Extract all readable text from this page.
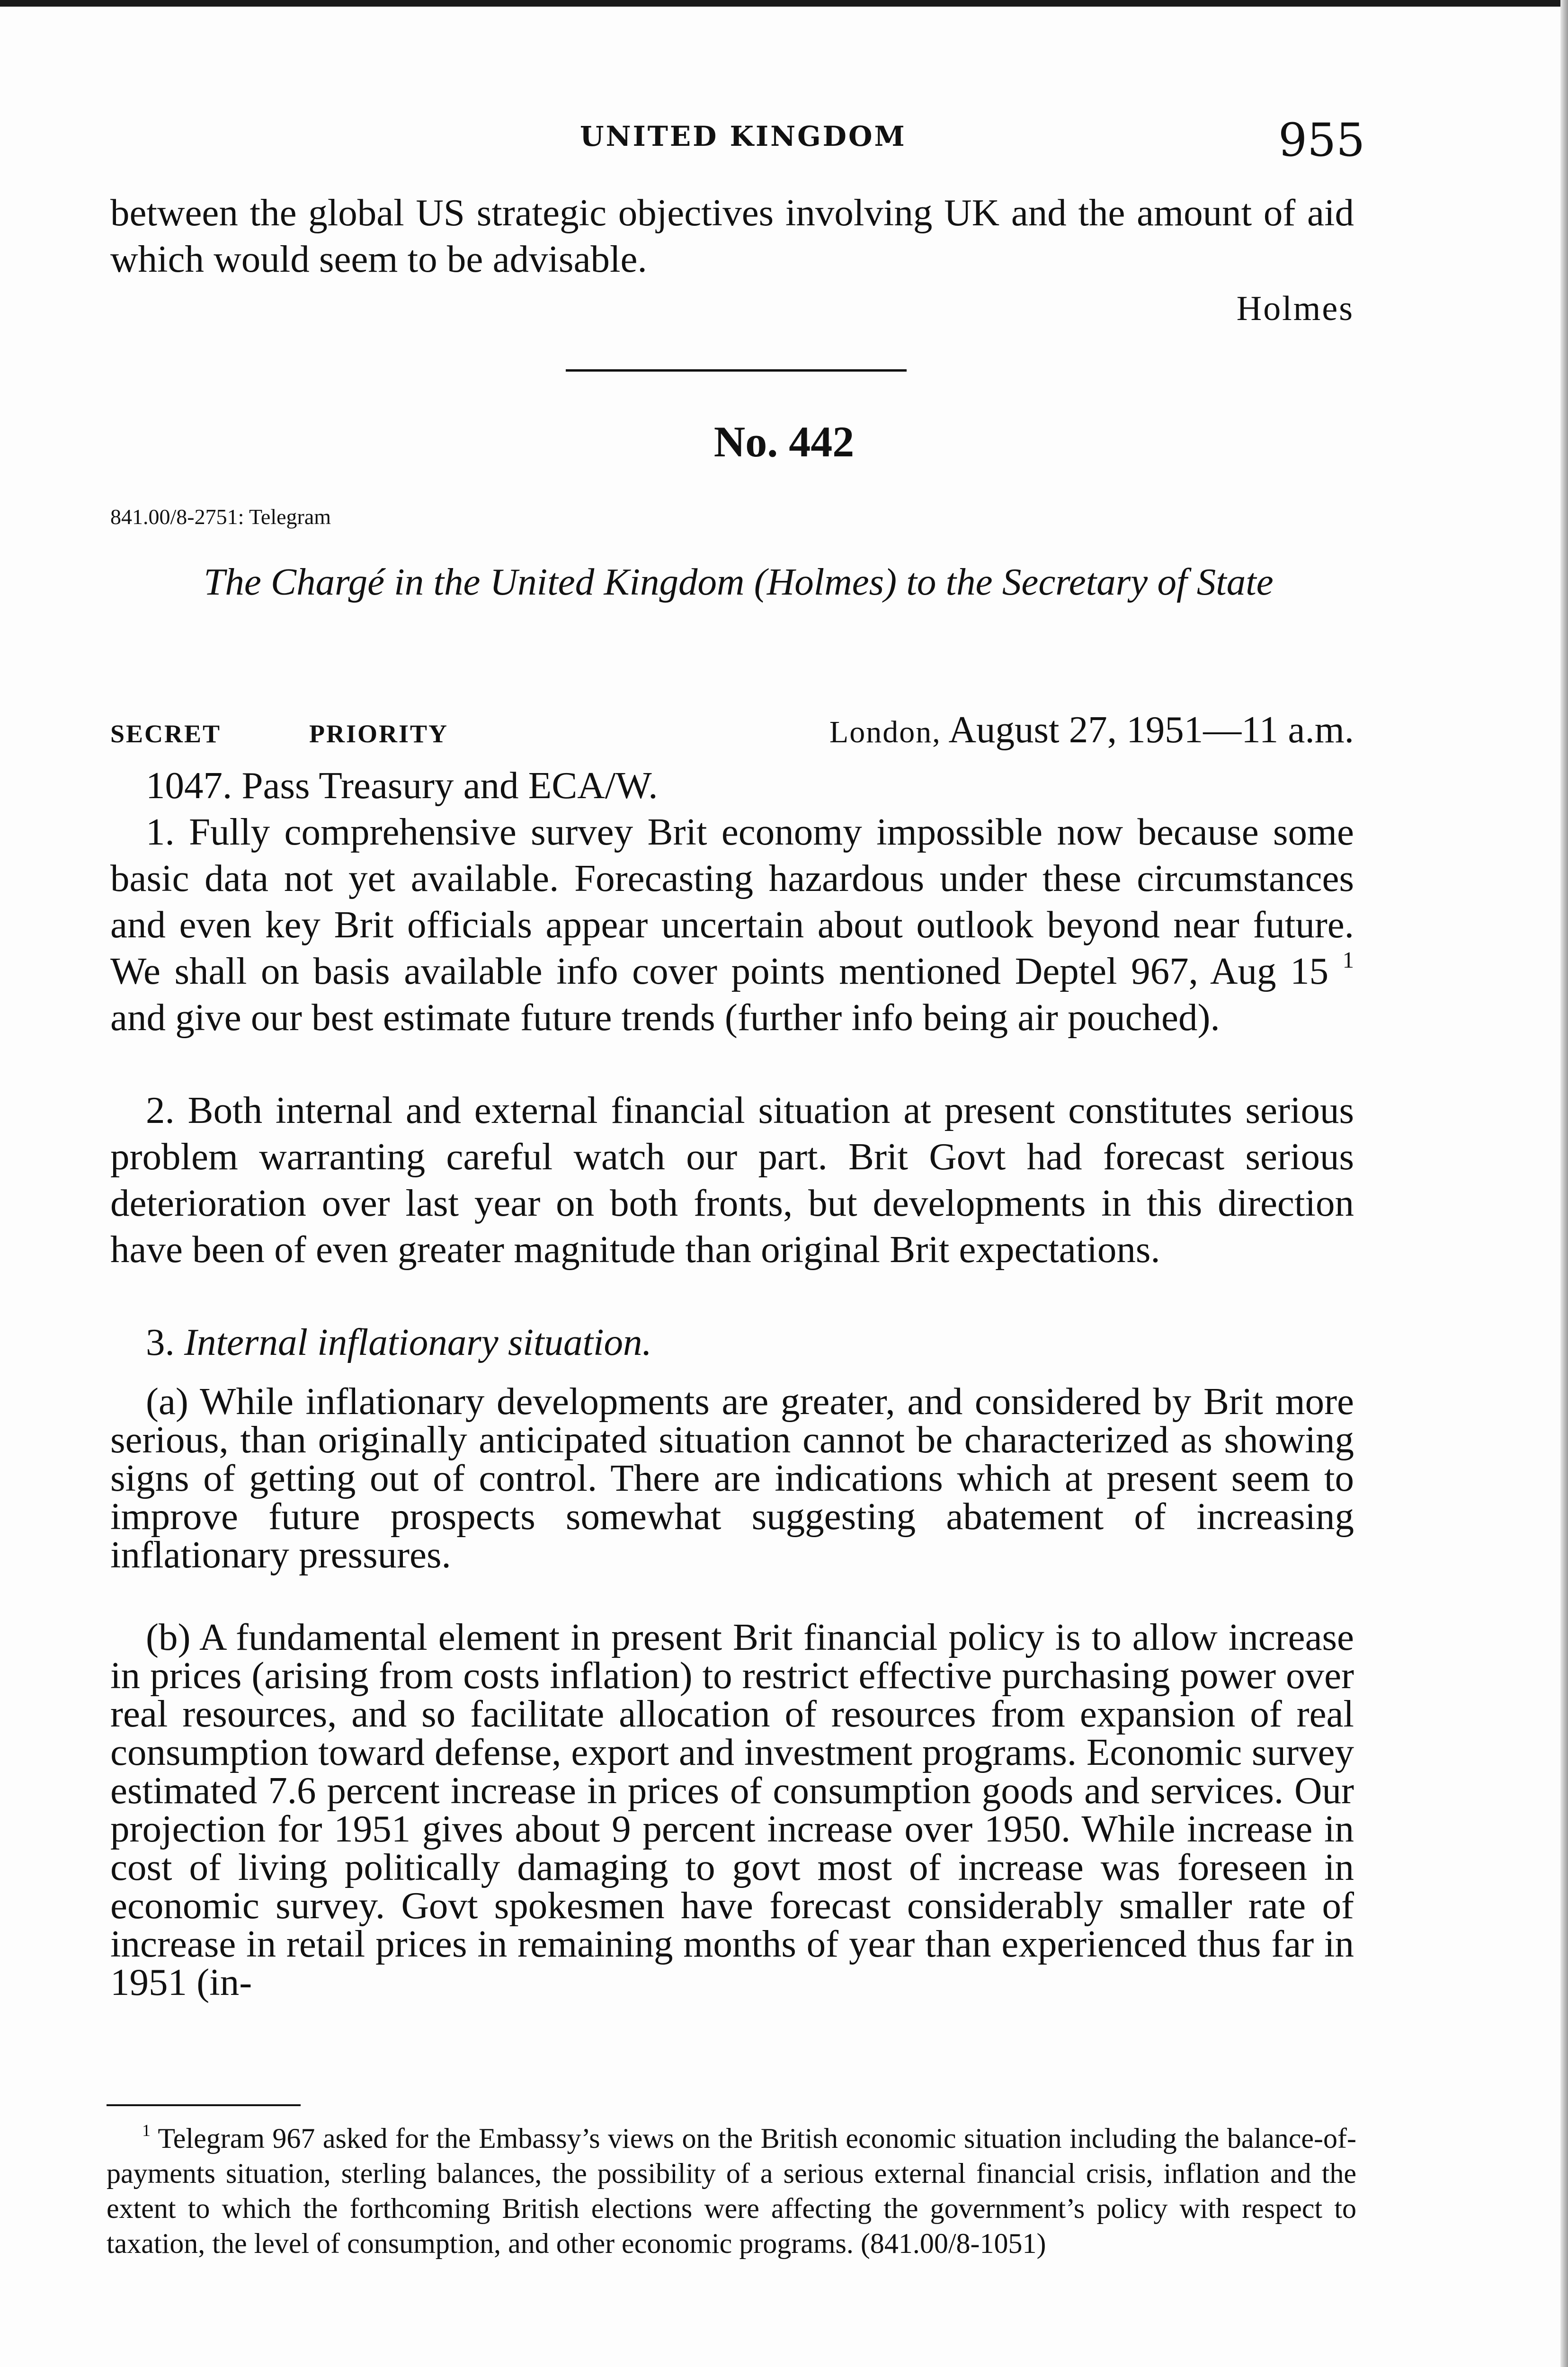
UNITED KINGDOM	955

between the global US strategic objectives involving UK and the amount of aid which would seem to be advisable.

Holmes
No. 442
841.00/8-2751: Telegram
The Chargé in the United Kingdom (Holmes) to the Secretary of State
SECRET	PRIORITY	London, August 27, 1951—11 a.m.

1047. Pass Treasury and ECA/W.

1. Fully comprehensive survey Brit economy impossible now because some basic data not yet available. Forecasting hazardous under these circumstances and even key Brit officials appear uncertain about outlook beyond near future. We shall on basis available info cover points mentioned Deptel 967, Aug 15 $^1$ and give our best estimate future trends (further info being air pouched).

2. Both internal and external financial situation at present constitutes serious problem warranting careful watch our part. Brit Govt had forecast serious deterioration over last year on both fronts, but developments in this direction have been of even greater magnitude than original Brit expectations.

3. Internal inflationary situation.

(a) While inflationary developments are greater, and considered by Brit more serious, than originally anticipated situation cannot be characterized as showing signs of getting out of control. There are indications which at present seem to improve future prospects somewhat suggesting abatement of increasing inflationary pressures.

(b) A fundamental element in present Brit financial policy is to allow increase in prices (arising from costs inflation) to restrict effective purchasing power over real resources, and so facilitate allocation of resources from expansion of real consumption toward defense, export and investment programs. Economic survey estimated 7.6 percent increase in prices of consumption goods and services. Our projection for 1951 gives about 9 percent increase over 1950. While increase in cost of living politically damaging to govt most of increase was foreseen in economic survey. Govt spokesmen have forecast considerably smaller rate of increase in retail prices in remaining months of year than experienced thus far in 1951 (in-

$^1$ Telegram 967 asked for the Embassy’s views on the British economic situation including the balance-of-payments situation, sterling balances, the possibility of a serious external financial crisis, inflation and the extent to which the forthcoming British elections were affecting the government’s policy with respect to taxation, the level of consumption, and other economic programs. (841.00/8-1051)
